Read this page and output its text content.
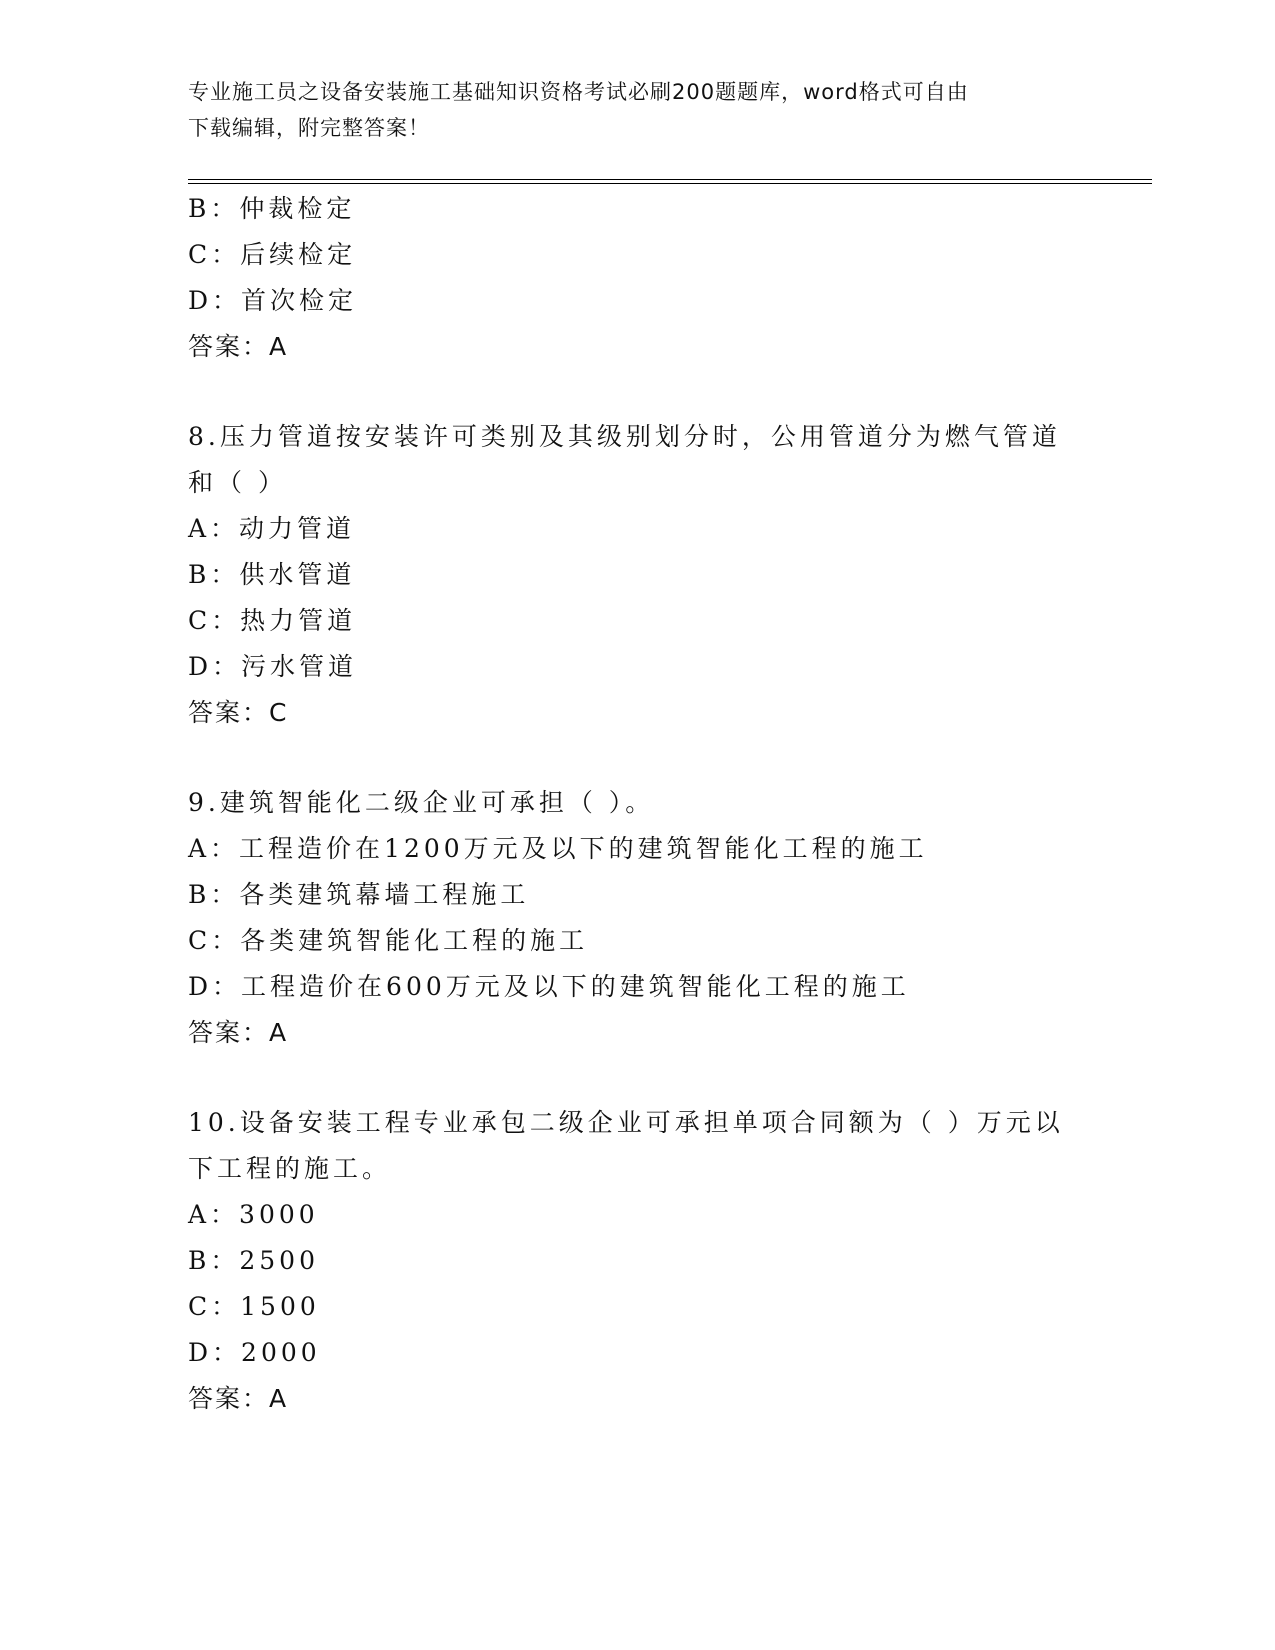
专业施工员之设备安装施工基础知识资格考试必刷200题题库，word格式可自由
下载编辑，附完整答案！
B：仲裁检定
C：后续检定
D：首次检定
答案：A
8.压力管道按安装许可类别及其级别划分时，公用管道分为燃气管道
和（ ）
A：动力管道
B：供水管道
C：热力管道
D：污水管道
答案：C
9.建筑智能化二级企业可承担（ ）。
A：工程造价在1200万元及以下的建筑智能化工程的施工
B：各类建筑幕墙工程施工
C：各类建筑智能化工程的施工
D：工程造价在600万元及以下的建筑智能化工程的施工
答案：A
10.设备安装工程专业承包二级企业可承担单项合同额为（ ）万元以
下工程的施工。
A：3000
B：2500
C：1500
D：2000
答案：A
